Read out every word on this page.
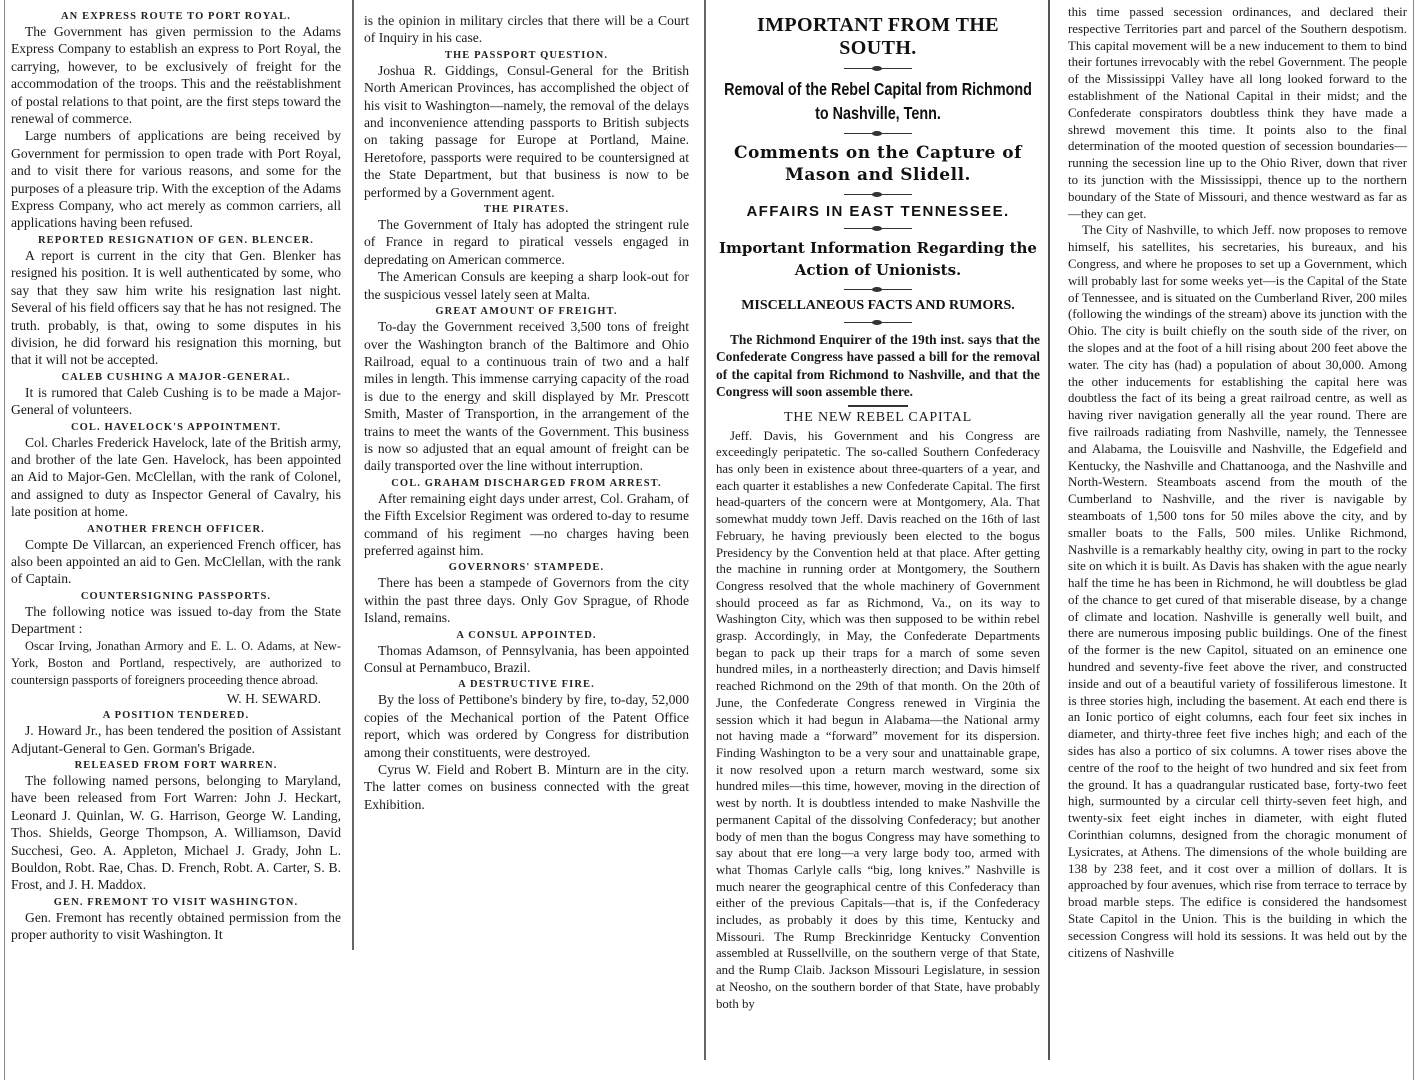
AN EXPRESS ROUTE TO PORT ROYAL.

The Government has given permission to the Adams Express Company to establish an express to Port Royal, the carrying, however, to be exclusively of freight for the accommodation of the troops. This and the reëstablishment of postal relations to that point, are the first steps toward the renewal of commerce.

Large numbers of applications are being received by Government for permission to open trade with Port Royal, and to visit there for various reasons, and some for the purposes of a pleasure trip. With the exception of the Adams Express Company, who act merely as common carriers, all applications having been refused.

REPORTED RESIGNATION OF GEN. BLENCER.

A report is current in the city that Gen. Blenker has resigned his position. It is well authenticated by some, who say that they saw him write his resignation last night. Several of his field officers say that he has not resigned. The truth. probably, is that, owing to some disputes in his division, he did forward his resignation this morning, but that it will not be accepted.

CALEB CUSHING A MAJOR-GENERAL.

It is rumored that Caleb Cushing is to be made a Major-General of volunteers.

COL. HAVELOCK'S APPOINTMENT.

Col. Charles Frederick Havelock, late of the British army, and brother of the late Gen. Havelock, has been appointed an Aid to Major-Gen. McClellan, with the rank of Colonel, and assigned to duty as Inspector General of Cavalry, his late position at home.

ANOTHER FRENCH OFFICER.

Compte De Villarcan, an experienced French officer, has also been appointed an aid to Gen. McClellan, with the rank of Captain.

COUNTERSIGNING PASSPORTS.

The following notice was issued to-day from the State Department :

Oscar Irving, Jonathan Armory and E. L. O. Adams, at New-York, Boston and Portland, respectively, are authorized to countersign passports of foreigners proceeding thence abroad.

W. H. SEWARD.

A POSITION TENDERED.

J. Howard Jr., has been tendered the position of Assistant Adjutant-General to Gen. Gorman's Brigade.

RELEASED FROM FORT WARREN.

The following named persons, belonging to Maryland, have been released from Fort Warren: John J. Heckart, Leonard J. Quinlan, W. G. Harrison, George W. Landing, Thos. Shields, George Thompson, A. Williamson, David Succhesi, Geo. A. Appleton, Michael J. Grady, John L. Bouldon, Robt. Rae, Chas. D. French, Robt. A. Carter, S. B. Frost, and J. H. Maddox.

GEN. FREMONT TO VISIT WASHINGTON.

Gen. Fremont has recently obtained permission from the proper authority to visit Washington. It

is the opinion in military circles that there will be a Court of Inquiry in his case.

THE PASSPORT QUESTION.

Joshua R. Giddings, Consul-General for the British North American Provinces, has accomplished the object of his visit to Washington—namely, the removal of the delays and inconvenience attending passports to British subjects on taking passage for Europe at Portland, Maine. Heretofore, passports were required to be countersigned at the State Department, but that business is now to be performed by a Government agent.

THE PIRATES.

The Government of Italy has adopted the stringent rule of France in regard to piratical vessels engaged in depredating on American commerce.

The American Consuls are keeping a sharp look-out for the suspicious vessel lately seen at Malta.

GREAT AMOUNT OF FREIGHT.

To-day the Government received 3,500 tons of freight over the Washington branch of the Baltimore and Ohio Railroad, equal to a continuous train of two and a half miles in length. This immense carrying capacity of the road is due to the energy and skill displayed by Mr. Prescott Smith, Master of Transportion, in the arrangement of the trains to meet the wants of the Government. This business is now so adjusted that an equal amount of freight can be daily transported over the line without interruption.

COL. GRAHAM DISCHARGED FROM ARREST.

After remaining eight days under arrest, Col. Graham, of the Fifth Excelsior Regiment was ordered to-day to resume command of his regiment —no charges having been preferred against him.

GOVERNORS' STAMPEDE.

There has been a stampede of Governors from the city within the past three days. Only Gov Sprague, of Rhode Island, remains.

A CONSUL APPOINTED.

Thomas Adamson, of Pennsylvania, has been appointed Consul at Pernambuco, Brazil.

A DESTRUCTIVE FIRE.

By the loss of Pettibone's bindery by fire, to-day, 52,000 copies of the Mechanical portion of the Patent Office report, which was ordered by Congress for distribution among their constituents, were destroyed.

Cyrus W. Field and Robert B. Minturn are in the city. The latter comes on business connected with the great Exhibition.

IMPORTANT FROM THE SOUTH.
Removal of the Rebel Capital from Richmond to Nashville, Tenn.
Comments on the Capture of Mason and Slidell.
AFFAIRS IN EAST TENNESSEE.
Important Information Regarding the Action of Unionists.
MISCELLANEOUS FACTS AND RUMORS.

The Richmond Enquirer of the 19th inst. says that the Confederate Congress have passed a bill for the removal of the capital from Richmond to Nashville, and that the Congress will soon assemble there.

THE NEW REBEL CAPITAL

Jeff. Davis, his Government and his Congress are exceedingly peripatetic. The so-called Southern Confederacy has only been in existence about three-quarters of a year, and each quarter it establishes a new Confederate Capital. The first head-quarters of the concern were at Montgomery, Ala. That somewhat muddy town Jeff. Davis reached on the 16th of last February, he having previously been elected to the bogus Presidency by the Convention held at that place. After getting the machine in running order at Montgomery, the Southern Congress resolved that the whole machinery of Government should proceed as far as Richmond, Va., on its way to Washington City, which was then supposed to be within rebel grasp. Accordingly, in May, the Confederate Departments began to pack up their traps for a march of some seven hundred miles, in a northeasterly direction; and Davis himself reached Richmond on the 29th of that month. On the 20th of June, the Confederate Congress renewed in Virginia the session which it had begun in Alabama—the National army not having made a “forward” movement for its dispersion. Finding Washington to be a very sour and unattainable grape, it now resolved upon a return march westward, some six hundred miles—this time, however, moving in the direction of west by north. It is doubtless intended to make Nashville the permanent Capital of the dissolving Confederacy; but another body of men than the bogus Congress may have something to say about that ere long—a very large body too, armed with what Thomas Carlyle calls “big, long knives.” Nashville is much nearer the geographical centre of this Confederacy than either of the previous Capitals—that is, if the Confederacy includes, as probably it does by this time, Kentucky and Missouri. The Rump Breckinridge Kentucky Convention assembled at Russellville, on the southern verge of that State, and the Rump Claib. Jackson Missouri Legislature, in session at Neosho, on the southern border of that State, have probably both by

this time passed secession ordinances, and declared their respective Territories part and parcel of the Southern despotism. This capital movement will be a new inducement to them to bind their fortunes irrevocably with the rebel Government. The people of the Mississippi Valley have all long looked forward to the establishment of the National Capital in their midst; and the Confederate conspirators doubtless think they have made a shrewd movement this time. It points also to the final determination of the mooted question of secession boundaries—running the secession line up to the Ohio River, down that river to its junction with the Mississippi, thence up to the northern boundary of the State of Missouri, and thence westward as far as—they can get.

The City of Nashville, to which Jeff. now proposes to remove himself, his satellites, his secretaries, his bureaux, and his Congress, and where he proposes to set up a Government, which will probably last for some weeks yet—is the Capital of the State of Tennessee, and is situated on the Cumberland River, 200 miles (following the windings of the stream) above its junction with the Ohio. The city is built chiefly on the south side of the river, on the slopes and at the foot of a hill rising about 200 feet above the water. The city has (had) a population of about 30,000. Among the other inducements for establishing the capital here was doubtless the fact of its being a great railroad centre, as well as having river navigation generally all the year round. There are five railroads radiating from Nashville, namely, the Tennessee and Alabama, the Louisville and Nashville, the Edgefield and Kentucky, the Nashville and Chattanooga, and the Nashville and North-Western. Steamboats ascend from the mouth of the Cumberland to Nashville, and the river is navigable by steamboats of 1,500 tons for 50 miles above the city, and by smaller boats to the Falls, 500 miles. Unlike Richmond, Nashville is a remarkably healthy city, owing in part to the rocky site on which it is built. As Davis has shaken with the ague nearly half the time he has been in Richmond, he will doubtless be glad of the chance to get cured of that miserable disease, by a change of climate and location. Nashville is generally well built, and there are numerous imposing public buildings. One of the finest of the former is the new Capitol, situated on an eminence one hundred and seventy-five feet above the river, and constructed inside and out of a beautiful variety of fossiliferous limestone. It is three stories high, including the basement. At each end there is an Ionic portico of eight columns, each four feet six inches in diameter, and thirty-three feet five inches high; and each of the sides has also a portico of six columns. A tower rises above the centre of the roof to the height of two hundred and six feet from the ground. It has a quadrangular rusticated base, forty-two feet high, surmounted by a circular cell thirty-seven feet high, and twenty-six feet eight inches in diameter, with eight fluted Corinthian columns, designed from the choragic monument of Lysicrates, at Athens. The dimensions of the whole building are 138 by 238 feet, and it cost over a million of dollars. It is approached by four avenues, which rise from terrace to terrace by broad marble steps. The edifice is considered the handsomest State Capitol in the Union. This is the building in which the secession Congress will hold its sessions. It was held out by the citizens of Nashville
